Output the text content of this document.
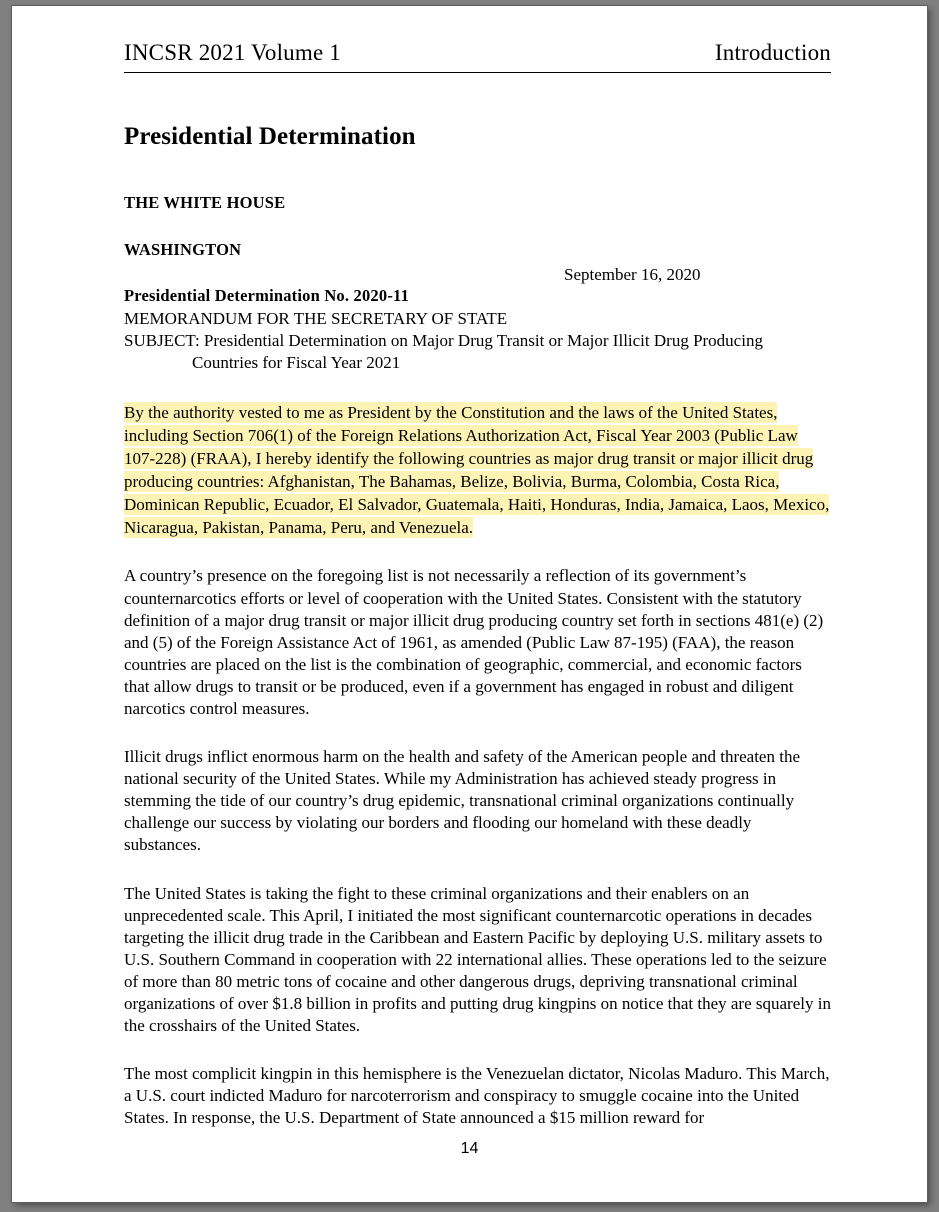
INCSR 2021 Volume 1	Introduction
Presidential Determination
THE WHITE HOUSE
WASHINGTON
September 16, 2020
Presidential Determination No. 2020-11

MEMORANDUM FOR THE SECRETARY OF STATE

SUBJECT: Presidential Determination on Major Drug Transit or Major Illicit Drug Producing
Countries for Fiscal Year 2021

By the authority vested to me as President by the Constitution and the laws of the United States, including Section 706(1) of the Foreign Relations Authorization Act, Fiscal Year 2003 (Public Law 107-228) (FRAA), I hereby identify the following countries as major drug transit or major illicit drug producing countries: Afghanistan, The Bahamas, Belize, Bolivia, Burma, Colombia, Costa Rica, Dominican Republic, Ecuador, El Salvador, Guatemala, Haiti, Honduras, India, Jamaica, Laos, Mexico, Nicaragua, Pakistan, Panama, Peru, and Venezuela.

A country’s presence on the foregoing list is not necessarily a reflection of its government’s counternarcotics efforts or level of cooperation with the United States. Consistent with the statutory definition of a major drug transit or major illicit drug producing country set forth in sections 481(e) (2) and (5) of the Foreign Assistance Act of 1961, as amended (Public Law 87-195) (FAA), the reason countries are placed on the list is the combination of geographic, commercial, and economic factors that allow drugs to transit or be produced, even if a government has engaged in robust and diligent narcotics control measures.

Illicit drugs inflict enormous harm on the health and safety of the American people and threaten the national security of the United States. While my Administration has achieved steady progress in stemming the tide of our country’s drug epidemic, transnational criminal organizations continually challenge our success by violating our borders and flooding our homeland with these deadly substances.

The United States is taking the fight to these criminal organizations and their enablers on an unprecedented scale. This April, I initiated the most significant counternarcotic operations in decades targeting the illicit drug trade in the Caribbean and Eastern Pacific by deploying U.S. military assets to U.S. Southern Command in cooperation with 22 international allies. These operations led to the seizure of more than 80 metric tons of cocaine and other dangerous drugs, depriving transnational criminal organizations of over $1.8 billion in profits and putting drug kingpins on notice that they are squarely in the crosshairs of the United States.

The most complicit kingpin in this hemisphere is the Venezuelan dictator, Nicolas Maduro. This March, a U.S. court indicted Maduro for narcoterrorism and conspiracy to smuggle cocaine into the United States. In response, the U.S. Department of State announced a $15 million reward for

14
